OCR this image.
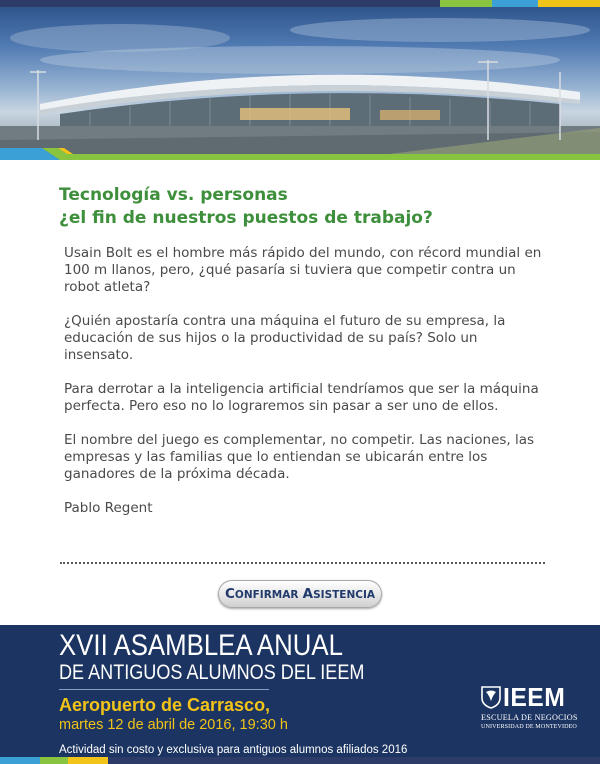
Tecnología vs. personas
¿el fin de nuestros puestos de trabajo?

Usain Bolt es el hombre más rápido del mundo, con récord mundial en 100 m llanos, pero, ¿qué pasaría si tuviera que competir contra un robot atleta?

¿Quién apostaría contra una máquina el futuro de su empresa, la educación de sus hijos o la productividad de su país? Solo un insensato.

Para derrotar a la inteligencia artificial tendríamos que ser la máquina perfecta. Pero eso no lo lograremos sin pasar a ser uno de ellos.

El nombre del juego es complementar, no competir. Las naciones, las empresas y las familias que lo entiendan se ubicarán entre los ganadores de la próxima década.

Pablo Regent

CONFIRMAR ASISTENCIA
XVII ASAMBLEA ANUAL
DE ANTIGUOS ALUMNOS DEL IEEM
Aeropuerto de Carrasco,
martes 12 de abril de 2016, 19:30 h
Actividad sin costo y exclusiva para antiguos alumnos afiliados 2016
IEEM
ESCUELA DE NEGOCIOS
UNIVERSIDAD DE MONTEVIDEO
